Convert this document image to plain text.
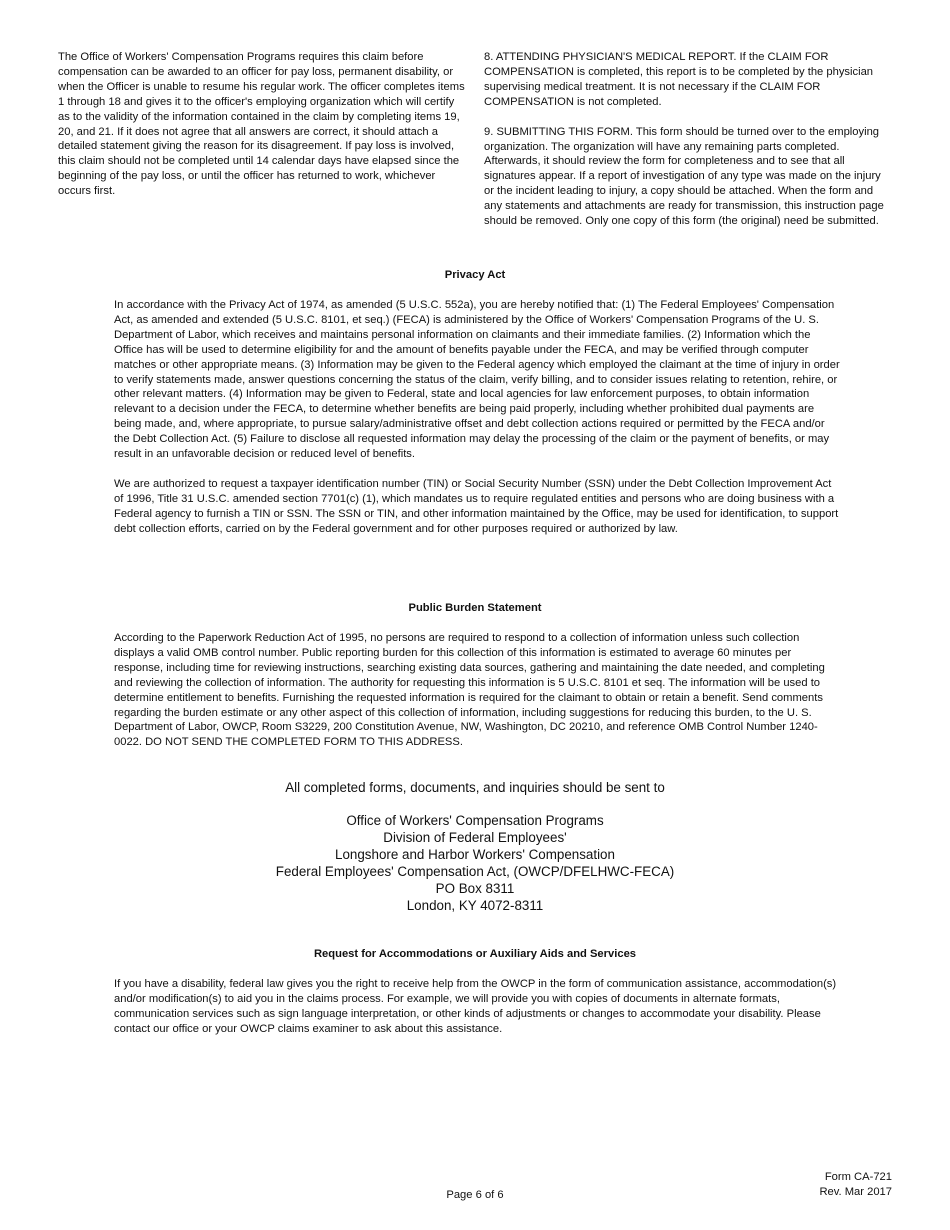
The Office of Workers' Compensation Programs requires this claim before compensation can be awarded to an officer for pay loss, permanent disability, or when the Officer is unable to resume his regular work. The officer completes items 1 through 18 and gives it to the officer's employing organization which will certify as to the validity of the information contained in the claim by completing items 19, 20, and 21. If it does not agree that all answers are correct, it should attach a detailed statement giving the reason for its disagreement. If pay loss is involved, this claim should not be completed until 14 calendar days have elapsed since the beginning of the pay loss, or until the officer has returned to work, whichever occurs first.

8. ATTENDING PHYSICIAN'S MEDICAL REPORT. If the CLAIM FOR COMPENSATION is completed, this report is to be completed by the physician supervising medical treatment. It is not necessary if the CLAIM FOR COMPENSATION is not completed.

9. SUBMITTING THIS FORM. This form should be turned over to the employing organization. The organization will have any remaining parts completed. Afterwards, it should review the form for completeness and to see that all signatures appear. If a report of investigation of any type was made on the injury or the incident leading to injury, a copy should be attached. When the form and any statements and attachments are ready for transmission, this instruction page should be removed. Only one copy of this form (the original) need be submitted.

Privacy Act

In accordance with the Privacy Act of 1974, as amended (5 U.S.C. 552a), you are hereby notified that: (1) The Federal Employees' Compensation Act, as amended and extended (5 U.S.C. 8101, et seq.) (FECA) is administered by the Office of Workers' Compensation Programs of the U. S. Department of Labor, which receives and maintains personal information on claimants and their immediate families. (2) Information which the Office has will be used to determine eligibility for and the amount of benefits payable under the FECA, and may be verified through computer matches or other appropriate means. (3) Information may be given to the Federal agency which employed the claimant at the time of injury in order to verify statements made, answer questions concerning the status of the claim, verify billing, and to consider issues relating to retention, rehire, or other relevant matters. (4) Information may be given to Federal, state and local agencies for law enforcement purposes, to obtain information relevant to a decision under the FECA, to determine whether benefits are being paid properly, including whether prohibited dual payments are being made, and, where appropriate, to pursue salary/administrative offset and debt collection actions required or permitted by the FECA and/or the Debt Collection Act. (5) Failure to disclose all requested information may delay the processing of the claim or the payment of benefits, or may result in an unfavorable decision or reduced level of benefits.

We are authorized to request a taxpayer identification number (TIN) or Social Security Number (SSN) under the Debt Collection Improvement Act of 1996, Title 31 U.S.C. amended section 7701(c) (1), which mandates us to require regulated entities and persons who are doing business with a Federal agency to furnish a TIN or SSN. The SSN or TIN, and other information maintained by the Office, may be used for identification, to support debt collection efforts, carried on by the Federal government and for other purposes required or authorized by law.

Public Burden Statement

According to the Paperwork Reduction Act of 1995, no persons are required to respond to a collection of information unless such collection displays a valid OMB control number. Public reporting burden for this collection of this information is estimated to average 60 minutes per response, including time for reviewing instructions, searching existing data sources, gathering and maintaining the date needed, and completing and reviewing the collection of information. The authority for requesting this information is 5 U.S.C. 8101 et seq. The information will be used to determine entitlement to benefits. Furnishing the requested information is required for the claimant to obtain or retain a benefit. Send comments regarding the burden estimate or any other aspect of this collection of information, including suggestions for reducing this burden, to the U. S. Department of Labor, OWCP, Room S3229, 200 Constitution Avenue, NW, Washington, DC 20210, and reference OMB Control Number 1240-0022. DO NOT SEND THE COMPLETED FORM TO THIS ADDRESS.

All completed forms, documents, and inquiries should be sent to

Office of Workers' Compensation Programs

Division of Federal Employees'

Longshore and Harbor Workers' Compensation

Federal Employees' Compensation Act, (OWCP/DFELHWC-FECA)

PO Box 8311

London, KY 4072-8311

Request for Accommodations or Auxiliary Aids and Services

If you have a disability, federal law gives you the right to receive help from the OWCP in the form of communication assistance, accommodation(s) and/or modification(s) to aid you in the claims process. For example, we will provide you with copies of documents in alternate formats, communication services such as sign language interpretation, or other kinds of adjustments or changes to accommodate your disability. Please contact our office or your OWCP claims examiner to ask about this assistance.

Form CA-721
Rev. Mar 2017
Page 6 of 6
